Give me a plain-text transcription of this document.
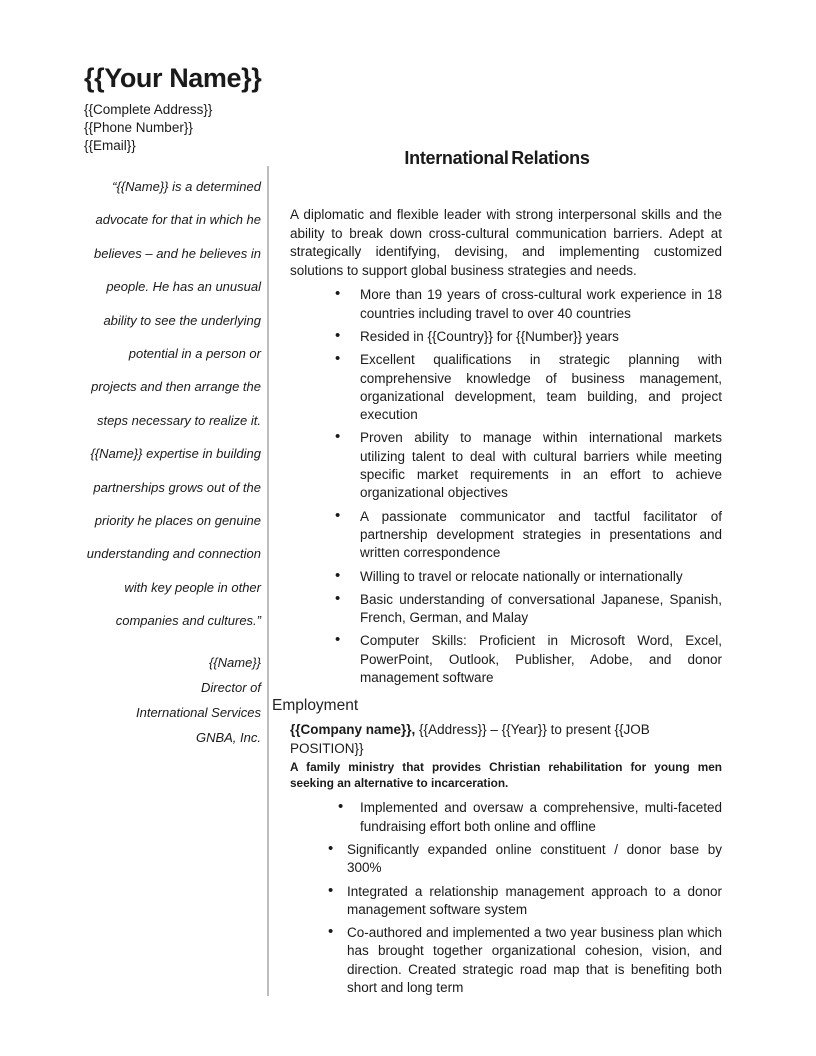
{{Your Name}}
{{Complete Address}}
{{Phone Number}}
{{Email}}
“{{Name}} is a determined
advocate for that in which he
believes – and he believes in
people. He has an unusual
ability to see the underlying
potential in a person or
projects and then arrange the
steps necessary to realize it.
{{Name}} expertise in building
partnerships grows out of the
priority he places on genuine
understanding and connection
with key people in other
companies and cultures.”
{{Name}}
Director of
International Services
GNBA, Inc.
International Relations

A diplomatic and flexible leader with strong interpersonal skills and the ability to break down cross-cultural communication barriers. Adept at strategically identifying, devising, and implementing customized solutions to support global business strategies and needs.

• More than 19 years of cross-cultural work experience in 18 countries including travel to over 40 countries
• Resided in {{Country}} for {{Number}} years
• Excellent qualifications in strategic planning with comprehensive knowledge of business management, organizational development, team building, and project execution
• Proven ability to manage within international markets utilizing talent to deal with cultural barriers while meeting specific market requirements in an effort to achieve organizational objectives
• A passionate communicator and tactful facilitator of partnership development strategies in presentations and written correspondence
• Willing to travel or relocate nationally or internationally
• Basic understanding of conversational Japanese, Spanish, French, German, and Malay
• Computer Skills: Proficient in Microsoft Word, Excel, PowerPoint, Outlook, Publisher, Adobe, and donor management software
Employment

{{Company name}}, {{Address}} – {{Year}} to present {{JOB POSITION}}

A family ministry that provides Christian rehabilitation for young men seeking an alternative to incarceration.

• Implemented and oversaw a comprehensive, multi-faceted fundraising effort both online and offline
• Significantly expanded online constituent / donor base by 300%
• Integrated a relationship management approach to a donor management software system
• Co-authored and implemented a two year business plan which has brought together organizational cohesion, vision, and direction. Created strategic road map that is benefiting both short and long term
